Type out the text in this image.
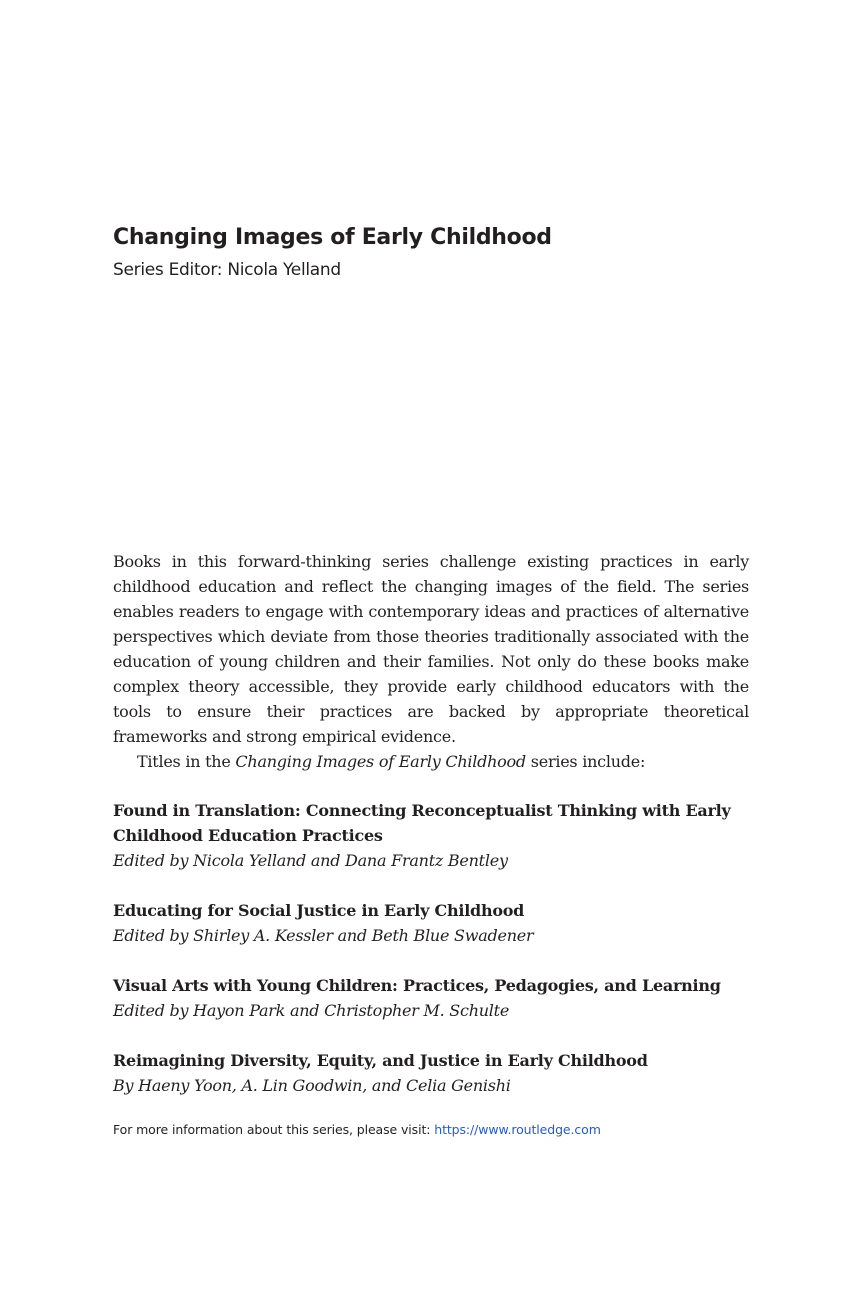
Changing Images of Early Childhood
Series Editor: Nicola Yelland

Books in this forward-thinking series challenge existing practices in early childhood education and reflect the changing images of the field. The series enables readers to engage with contemporary ideas and practices of alternative perspectives which deviate from those theories traditionally associated with the education of young children and their families. Not only do these books make complex theory accessible, they provide early childhood educators with the tools to ensure their practices are backed by appropriate theoretical frameworks and strong empirical evidence.

Titles in the Changing Images of Early Childhood series include:

Found in Translation: Connecting Reconceptualist Thinking with Early Childhood Education Practices
Edited by Nicola Yelland and Dana Frantz Bentley
Educating for Social Justice in Early Childhood
Edited by Shirley A. Kessler and Beth Blue Swadener
Visual Arts with Young Children: Practices, Pedagogies, and Learning
Edited by Hayon Park and Christopher M. Schulte
Reimagining Diversity, Equity, and Justice in Early Childhood
By Haeny Yoon, A. Lin Goodwin, and Celia Genishi
For more information about this series, please visit: https://www.routledge.com
